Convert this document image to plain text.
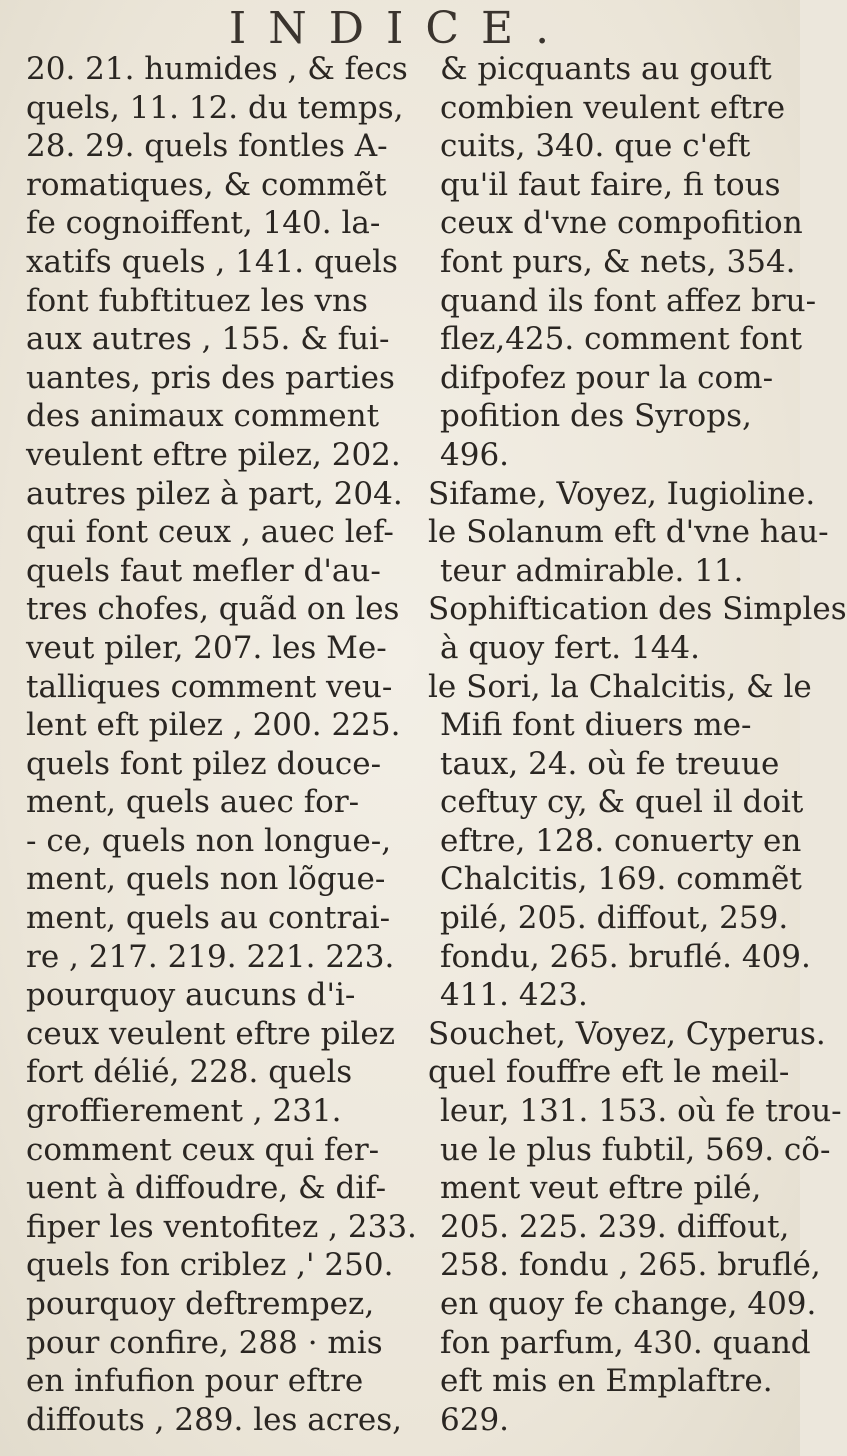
INDICE.
20. 21. humides , & fecs
quels, 11. 12. du temps,
28. 29. quels fontles A-
romatiques, & commẽt
fe cognoiffent, 140. la-
xatifs quels , 141. quels
font fubftituez les vns
aux autres , 155. & fui-
uantes, pris des parties
des animaux comment
veulent eftre pilez, 202.
autres pilez à part, 204.
qui font ceux , auec lef-
quels faut mefler d'au-
tres chofes, quãd on les
veut piler, 207. les Me-
talliques comment veu-
lent eft pilez , 200. 225.
quels font pilez douce-
ment, quels auec for-
- ce, quels non longue-,
ment, quels non lõgue-
ment, quels au contrai-
re , 217. 219. 221. 223.
pourquoy aucuns d'i-
ceux veulent eftre pilez
fort délié, 228. quels
groffierement , 231.
comment ceux qui fer-
uent à diffoudre, & dif-
fiper les ventofitez , 233.
quels fon criblez ,' 250.
pourquoy deftrempez,
pour confire, 288 · mis
en infufion pour eftre
diffouts , 289. les acres,
& picquants au gouft
combien veulent eftre
cuits, 340. que c'eft
qu'il faut faire, fi tous
ceux d'vne compofition
font purs, & nets, 354.
quand ils font affez bru-
flez,425. comment font
difpofez pour la com-
pofition des Syrops,
496.
Sifame, Voyez, Iugioline.
le Solanum eft d'vne hau-
teur admirable. 11.
Sophiftication des Simples
à quoy fert. 144.
le Sori, la Chalcitis, & le
Mifi font diuers me-
taux, 24. où fe treuue
ceftuy cy, & quel il doit
eftre, 128. conuerty en
Chalcitis, 169. commẽt
pilé, 205. diffout, 259.
fondu, 265. bruflé. 409.
411. 423.
Souchet, Voyez, Cyperus.
quel fouffre eft le meil-
leur, 131. 153. où fe trou-
ue le plus fubtil, 569. cõ-
ment veut eftre pilé,
205. 225. 239. diffout,
258. fondu , 265. bruflé,
en quoy fe change, 409.
fon parfum, 430. quand
eft mis en Emplaftre.
629.
